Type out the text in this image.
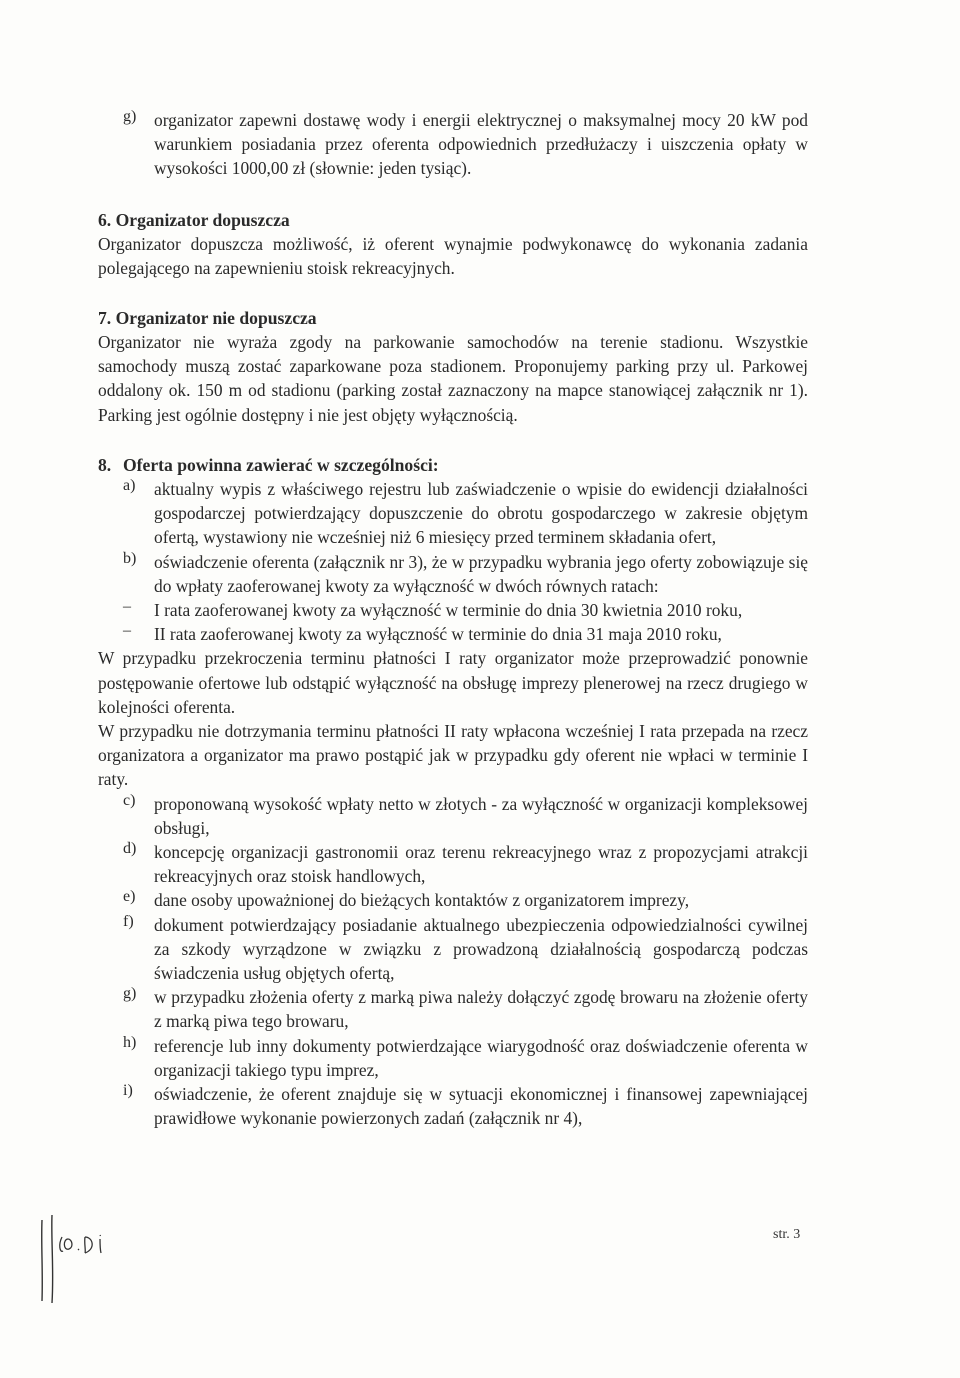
g) organizator zapewni dostawę wody i energii elektrycznej o maksymalnej mocy 20 kW pod warunkiem posiadania przez oferenta odpowiednich przedłużaczy i uiszczenia opłaty w wysokości 1000,00 zł (słownie: jeden tysiąc).

6. Organizator dopuszcza

Organizator dopuszcza możliwość, iż oferent wynajmie podwykonawcę do wykonania zadania polegającego na zapewnieniu stoisk rekreacyjnych.

7. Organizator nie dopuszcza

Organizator nie wyraża zgody na parkowanie samochodów na terenie stadionu. Wszystkie samochody muszą zostać zaparkowane poza stadionem. Proponujemy parking przy ul. Parkowej oddalony ok. 150 m od stadionu (parking został zaznaczony na mapce stanowiącej załącznik nr 1). Parking jest ogólnie dostępny i nie jest objęty wyłącznością.

8. Oferta powinna zawierać w szczególności:

a) aktualny wypis z właściwego rejestru lub zaświadczenie o wpisie do ewidencji działalności gospodarczej potwierdzający dopuszczenie do obrotu gospodarczego w zakresie objętym ofertą, wystawiony nie wcześniej niż 6 miesięcy przed terminem składania ofert,

b) oświadczenie oferenta (załącznik nr 3), że w przypadku wybrania jego oferty zobowiązuje się do wpłaty zaoferowanej kwoty za wyłączność w dwóch równych ratach:

– I rata zaoferowanej kwoty za wyłączność w terminie do dnia 30 kwietnia 2010 roku,

– II rata zaoferowanej kwoty za wyłączność w terminie do dnia 31 maja 2010 roku,

W przypadku przekroczenia terminu płatności I raty organizator może przeprowadzić ponownie postępowanie ofertowe lub odstąpić wyłączność na obsługę imprezy plenerowej na rzecz drugiego w kolejności oferenta.

W przypadku nie dotrzymania terminu płatności II raty wpłacona wcześniej I rata przepada na rzecz organizatora a organizator ma prawo postąpić jak w przypadku gdy oferent nie wpłaci w terminie I raty.

c) proponowaną wysokość wpłaty netto w złotych - za wyłączność w organizacji kompleksowej obsługi,

d) koncepcję organizacji gastronomii oraz terenu rekreacyjnego wraz z propozycjami atrakcji rekreacyjnych oraz stoisk handlowych,

e) dane osoby upoważnionej do bieżących kontaktów z organizatorem imprezy,

f) dokument potwierdzający posiadanie aktualnego ubezpieczenia odpowiedzialności cywilnej za szkody wyrządzone w związku z prowadzoną działalnością gospodarczą podczas świadczenia usług objętych ofertą,

g) w przypadku złożenia oferty z marką piwa należy dołączyć zgodę browaru na złożenie oferty z marką piwa tego browaru,

h) referencje lub inny dokumenty potwierdzające wiarygodność oraz doświadczenie oferenta w organizacji takiego typu imprez,

i) oświadczenie, że oferent znajduje się w sytuacji ekonomicznej i finansowej zapewniającej prawidłowe wykonanie powierzonych zadań (załącznik nr 4),

str. 3
